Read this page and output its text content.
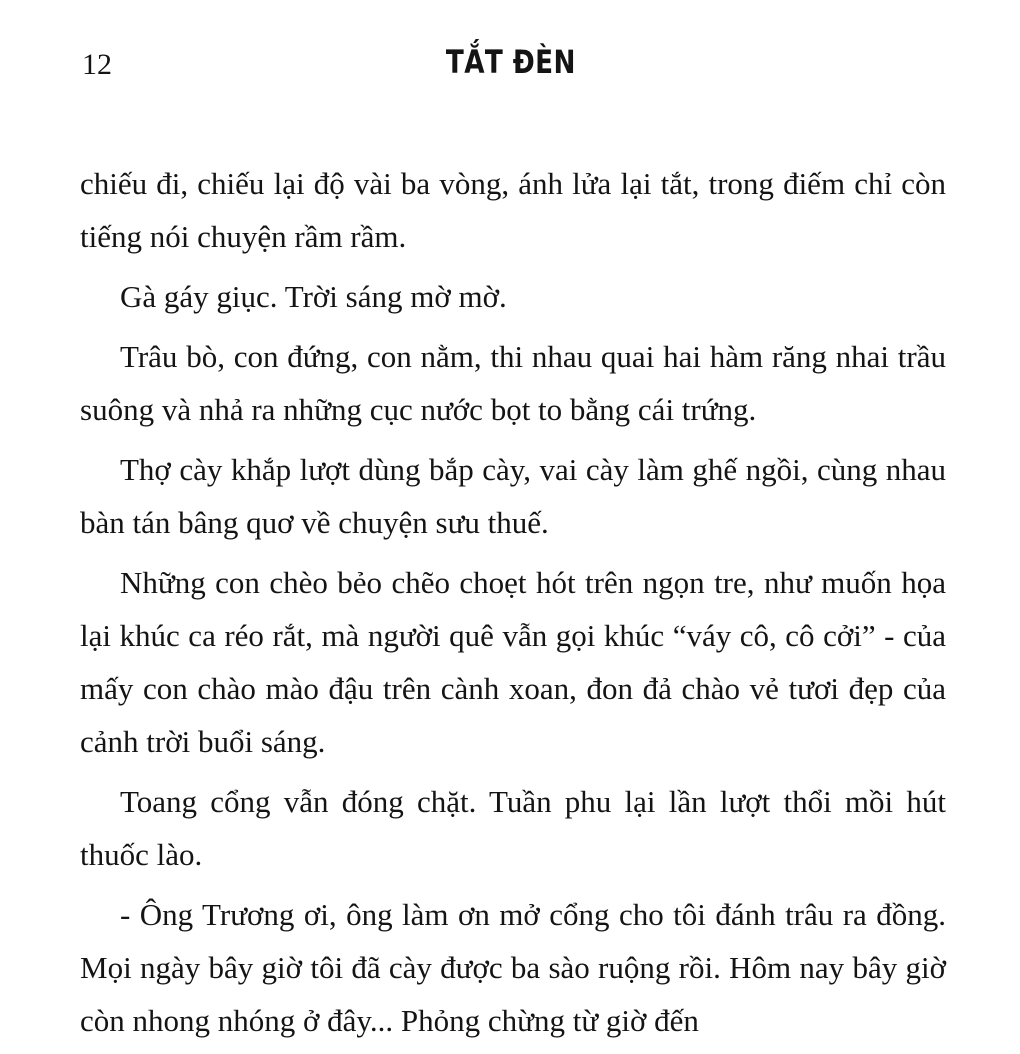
12	TẮT ĐÈN

chiếu đi, chiếu lại độ vài ba vòng, ánh lửa lại tắt, trong điếm chỉ còn tiếng nói chuyện rầm rầm.

Gà gáy giục. Trời sáng mờ mờ.

Trâu bò, con đứng, con nằm, thi nhau quai hai hàm răng nhai trầu suông và nhả ra những cục nước bọt to bằng cái trứng.

Thợ cày khắp lượt dùng bắp cày, vai cày làm ghế ngồi, cùng nhau bàn tán bâng quơ về chuyện sưu thuế.

Những con chèo bẻo chẽo choẹt hót trên ngọn tre, như muốn họa lại khúc ca réo rắt, mà người quê vẫn gọi khúc “váy cô, cô cởi” - của mấy con chào mào đậu trên cành xoan, đon đả chào vẻ tươi đẹp của cảnh trời buổi sáng.

Toang cổng vẫn đóng chặt. Tuần phu lại lần lượt thổi mồi hút thuốc lào.

- Ông Trương ơi, ông làm ơn mở cổng cho tôi đánh trâu ra đồng. Mọi ngày bây giờ tôi đã cày được ba sào ruộng rồi. Hôm nay bây giờ còn nhong nhóng ở đây... Phỏng chừng từ giờ đến
